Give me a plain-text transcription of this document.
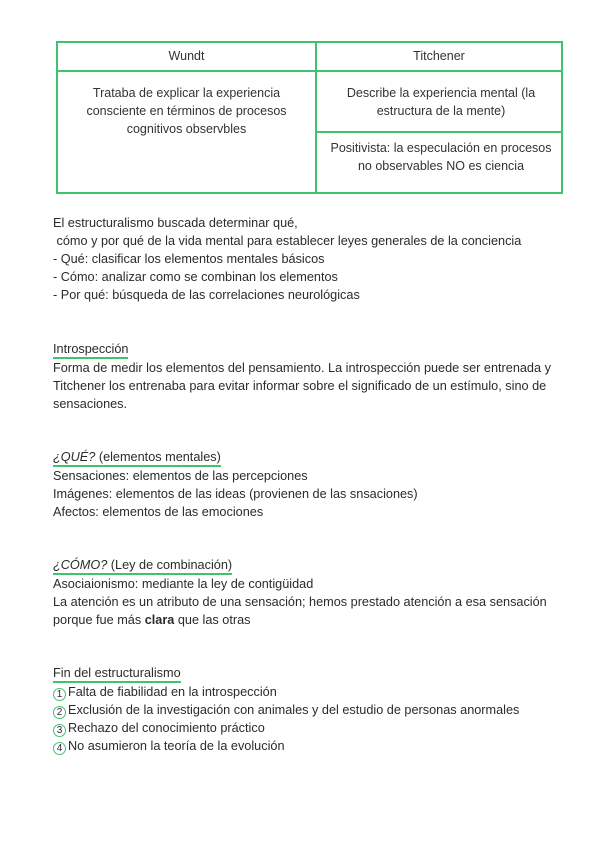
Wundt	Titchener
Trataba de explicar la experiencia consciente en términos de procesos cognitivos observbles
Describe la experiencia mental (la estructura de la mente)
Positivista: la especulación en procesos no observables NO es ciencia
El estructuralismo buscada determinar qué,
cómo y por qué de la vida mental para establecer leyes generales de la conciencia
- Qué: clasificar los elementos mentales básicos
- Cómo: analizar como se combinan los elementos
- Por qué: búsqueda de las correlaciones neurológicas
Introspección
Forma de medir los elementos del pensamiento. La introspección puede ser entrenada y Titchener los entrenaba para evitar informar sobre el significado de un estímulo, sino de sensaciones.
¿QUÉ? (elementos mentales)
Sensaciones: elementos de las percepciones
Imágenes: elementos de las ideas (provienen de las snsaciones)
Afectos: elementos de las emociones
¿CÓMO? (Ley de combinación)
Asociaionismo: mediante la ley de contigüidad
La atención es un atributo de una sensación; hemos prestado atención a esa sensación porque fue más clara que las otras
Fin del estructuralismo
1 Falta de fiabilidad en la introspección
2 Exclusión de la investigación con animales y del estudio de personas anormales
3 Rechazo del conocimiento práctico
4 No asumieron la teoría de la evolución
